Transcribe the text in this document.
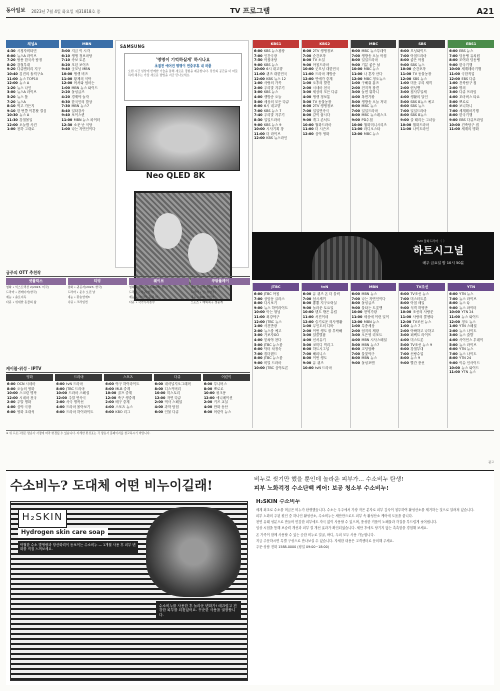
동아일보 2023년 7월 4일 화요일 제31818호 종	TV 프로그램	A21
채널A
4:30 시청자비타민
6:00 뉴스A 라이브
7:20 쌍용 한국사 탐정
8:20 강철부대
9:20 다큐멘터리 지구
10:40 김진의 돌직구쇼
11:00 뉴스 TOP10
12:00 뉴스 A
1:20 뉴스 나인
3:00 뉴스A 라이브
5:20 뉴스 톱
7:20 뉴스A
8:10 먹고 가든지
9:10 한 번쯤 이혼할 결심
10:30 뉴스 A
11:30 강철볼일
12:00 오늘밤 사건
1:00 천하 그대로
MBN
5:00 지금 이 시각
6:10 생생 정보마당
7:10 속보 토론
8:20 모던 보이즈
9:40 굿모닝 MBN
10:00 생생 비즈
11:00 황제의 식탁
12:00 어서와 엄마는
1:00 MBN 뉴스 와이드
2:20 돌싱글즈
4:20 경제야 놀자
6:30 한국인의 밥상
7:30 MBN 뉴스7
8:40 일타강사
9:40 보이스퀸
11:00 MBN 뉴스 파이터
12:30 소문 난 식당
1:00 나는 자연인이다
SAMSUNG
'명명이 기억하실게' 하시나요
초절전 에어컨 명명이 연중무휴 내 작품
오랜 시간 일상에 함께한 기술을 통해 새로운 경험을 제공합니다. 당신의 공간을 더 따뜻하게 채우는 가장 새로운 방법을 지금 만나보세요.
Neo QLED 8K
KBS1
6:00 KBS 뉴스광장
7:00 인간극장
7:50 아침마당
9:00 KBS 뉴스
10:00 6시 내고향
11:00 퀴즈 대한민국
12:00 KBS 뉴스 12
1:00 사랑의 가족
2:00 우리말 겨루기
3:00 KBS 뉴스
4:00 생방송 오늘
5:00 세상의 모든 다큐
6:00 6시 내고향
7:00 KBS 뉴스 7
7:40 우리말 겨루기
8:30 일일드라마
9:00 KBS 뉴스 9
10:00 시사기획 창
11:00 더 라이브
12:00 KBS 뉴스라인
KBS2
6:00 2TV 생생정보
7:00 순간포착
8:00 TV 소설
9:00 아침드라마
10:00 굿모닝 대한민국
11:00 드라마 재방송
12:00 연예가 중계
1:00 오후의 발견
2:00 시네마 천국
3:00 세상의 모든 다큐
4:00 생생 정보통
5:00 TV 동물농장
6:00 2TV 생생정보
7:00 일일연속극
8:00 같이 삽시다
9:00 개그 콘서트
10:00 월화드라마
11:00 더 시즌즈
12:00 심야 영화
MBC
6:00 MBC 뉴스투데이
7:00 생방송 오늘 아침
8:00 일일드라마
9:00 기분 좋은 날
10:00 MBC 뉴스
11:00 나 혼자 산다
12:00 MBC 정오뉴스
1:00 구해줘 홈즈
2:00 전지적 참견
3:00 놀면 뭐하니
4:00 복면가왕
5:00 생방송 오늘 저녁
6:00 MBC 뉴스
7:00 일일드라마
8:00 MBC 뉴스데스크
9:00 PD수첩
10:00 월화미니시리즈
11:00 라디오스타
12:00 MBC 뉴스
SBS
6:00 모닝와이드
7:00 아침드라마
8:00 좋은 아침
9:00 SBS 뉴스
10:00 순간포착
11:00 TV 동물농장
12:00 SBS 뉴스
1:00 미운 우리 새끼
2:00 런닝맨
3:00 집사부일체
4:00 생활의 달인
5:00 SBS 8뉴스 예고
6:00 SBS 뉴스
7:00 일일드라마
8:00 SBS 8뉴스
9:00 골 때리는 그녀들
10:00 월화드라마
11:00 나이트라인
EBS1
6:00 EBS 뉴스
7:00 딩동댕 유치원
8:00 모여라 딩동댕
9:00 한국기행
10:00 세계테마기행
11:00 극한직업
12:00 EBS 다큐
1:00 건축탐구 집
2:00 명의
3:00 다큐 프라임
4:00 꼬마버스 타요
5:00 뽀로로
6:00 보니하니
7:00 세계테마기행
8:00 한국기행
9:00 EBS 다큐프라임
10:00 건축탐구 집
11:00 세계의 명화
tvN 월화드라마 〈 〉
하트시그널
매주 금요일 밤 10시 50분
금주의 OTT 추천작
넷플릭스
영화 • 익스트랙션 2(2023, 미국)
드라마 • 퀸메이커(한국)
예능 • 솔로지옥
다큐 • 위대한 동물의 삶
티빙
영화 • 귀공자(2023, 한국)
드라마 • 운수 오진 날
예능 • 환승연애3
다큐 • 크라임씬
웨이브
영화 • 범죄도시3(2023, 한국)
드라마 • 악귀(한국)
예능 • 사이렌: 불의 섬
다큐 • 국가수사본부
쿠팡플레이
영화 • 엘리멘탈(2023)
드라마 • 안나(한국)
예능 • SNL 코리아
스포츠 • 해외축구 생중계
케이블·위성 · IPTV
영화
6:00 OCN 시네마
8:00 오늘의 영화
10:00 스크린 명작
12:00 시네마 천국
2:00 주말 명화
4:00 심야 극장
6:00 영화 초대석
드라마
6:00 tvN 드라마
8:00 JTBC 드라마
10:00 드라마 스페셜
12:00 주말 연속극
2:00 사극 명작선
4:00 드라마 몰아보기
6:00 드라마 하이라이트
스포츠
6:00 야구 하이라이트
8:00 MLB 중계
10:00 골프 중계
12:00 축구 생중계
2:00 배구 중계
4:00 스포츠 뉴스
6:00 KBO 리그
다큐
6:00 내셔널지오그래픽
8:00 디스커버리
10:00 히스토리
12:00 자연 다큐
2:00 역사 스페셜
4:00 과학 탐험
6:00 인물 다큐
어린이
6:00 투니버스
8:00 뽀로로
10:00 핑크퐁
12:00 애니메이션
2:00 키즈 교실
4:00 만화 동산
6:00 어린이 뉴스
JTBC
6:00 JTBC 아침
7:00 상암동 클라스
8:00 다시보기
9:00 뉴스 하이라이트
10:00 아는 형님
11:00 최강야구
12:00 JTBC 뉴스
1:00 사건반장
2:00 뉴스룸 예고
3:00 가보자GO
4:00 뭉쳐야 찬다
5:00 JTBC 뉴스룸
6:00 닥터 차정숙
7:00 킹더랜드
8:00 JTBC 뉴스룸
9:00 비밀 드라마
10:00 JTBC 심야토론
tvN
6:00 유 퀴즈 온 더 블럭
7:00 삼시세끼
8:00 뿅뿅 지구오락실
9:00 놀라운 토요일
10:00 텐트 밖은 유럽
11:00 서진이네
12:00 슬기로운 의사생활
1:00 무인도의 디바
2:00 이번 생도 잘 부탁해
3:00 알쓸별잡
4:00 신서유기
5:00 코미디 빅리그
6:00 하트시그널
7:00 해피니스
8:00 이번 생도
9:00 유 퀴즈
10:00 tvN 드라마
MBN
6:00 MBN 뉴스
7:00 나는 자연인이다
8:00 돌싱글즈
9:00 불타는 트롯맨
10:00 현역가왕
11:00 세상에 이런 일이
12:00 MBN 뉴스
1:00 특종세상
2:00 엄지의 제왕
3:00 오은영 리포트
4:00 MBN 시사스페셜
5:00 MBN 뉴스7
6:00 고딩엄빠
7:00 불꽃야구
8:00 MBN 뉴스
9:00 돌싱포맨
TV조선
6:00 TV조선 뉴스
7:00 미스터트롯
8:00 아침 매일
9:00 식객 허영만
10:00 조선의 사랑꾼
11:00 사랑의 콜센타
12:00 TV조선 뉴스
1:00 뉴스 7
2:00 아빠하고 나하고
3:00 퍼펙트 라이프
4:00 미스트롯
5:00 TV조선 뉴스 9
6:00 강철부대
7:00 신랑수업
8:00 뉴스 9
9:00 빨간 풍선
YTN
6:00 YTN 뉴스
7:00 뉴스 라이브
8:00 뉴스 Q
9:00 뉴스 파이터
10:00 YTN 24
11:00 뉴스 와이드
12:00 정오 뉴스
1:00 YTN 스페셜
2:00 뉴스 나이트
3:00 뉴스 출발
4:00 사이언스 투데이
5:00 뉴스 라이브
6:00 YTN 뉴스
7:00 뉴스 나이트
8:00 YTN 24
9:00 이슈 인사이드
10:00 뉴스 와이드
11:00 YTN 뉴스
※ 위 프로그램은 방송사 사정에 따라 변경될 수 있습니다. 자세한 편성표는 각 방송사 홈페이지를 참고하시기 바랍니다.
광고
수소비누? 도대체 어떤 비누이길래!	비누로 씻기만 했을 뿐인데 놀라운 피부가... 수소비누 탄생!
피부 노화걱정 수소단백 케어! 보공 청소부 수소비누!
H₂SKIN
Hydrogen skin care soap
탁월한 수소 발생량과 항산화력이 돋보이는 수소비누 — 1개월 사용 후 피부 변화를 직접 느껴보세요.
수소비누를 사용한 후 놀라운 변화가! 매끄럽고 건강한 피부를 되찾았어요. 꾸준한 사용을 권장합니다.
H₂SKIN 수소비누

세계 최초로 수소를 머금은 비누가 탄생했습니다. 수소는 우주에서 가장 작은 분자로 피부 깊숙이 침투하여 활성산소를 제거하는 것으로 알려져 있습니다.

피부 노화의 주된 원인 중 하나인 활성산소, 수소비누는 세안만으로도 피부 속 활성산소 케어에 도움을 줍니다.

천연 유래 성분으로 만들어 민감한 피부에도 자극 없이 사용할 수 있으며, 풍성한 거품이 노폐물과 각질을 부드럽게 씻어냅니다.

임상 시험을 통해 보습력 개선과 피부 결 개선 효과가 확인되었습니다. 세안 후에도 당기지 않는 촉촉함을 경험해 보세요.

온 가족이 함께 사용할 수 있는 순한 비누로 얼굴, 바디, 두피 모두 사용 가능합니다.

지금 주문하시면 특별 구성으로 만나보실 수 있습니다. 자세한 내용은 고객센터로 문의해 주세요.

주문·상담 전화 1588-0000 (평일 09:00~18:00)
